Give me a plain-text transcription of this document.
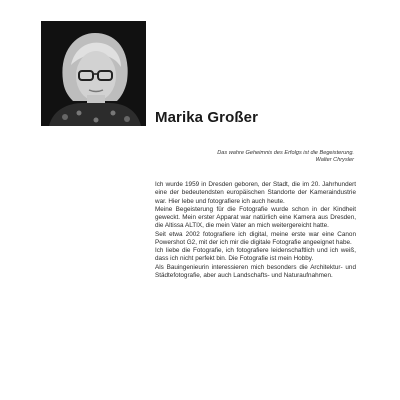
Marika Großer

Das wahre Geheimnis des Erfolgs ist die Begeisterung.
Walter Chrysler

Ich wurde 1959 in Dresden geboren, der Stadt, die im 20. Jahrhundert eine der bedeutendsten europäischen Standorte der Kameraindustrie war. Hier lebe und fotografiere ich auch heute.

Meine Begeisterung für die Fotografie wurde schon in der Kindheit geweckt. Mein erster Apparat war natürlich eine Kamera aus Dresden, die Altissa ALTIX, die mein Vater an mich weitergereicht hatte.

Seit etwa 2002 fotografiere ich digital, meine erste war eine Canon Powershot G2, mit der ich mir die digitale Fotografie angeeignet habe.

Ich liebe die Fotografie, ich fotografiere leidenschaftlich und ich weiß, dass ich nicht perfekt bin. Die Fotografie ist mein Hobby.

Als Bauingenieurin interessieren mich besonders die Architektur- und Städtefotografie, aber auch Landschafts- und Naturaufnahmen.
